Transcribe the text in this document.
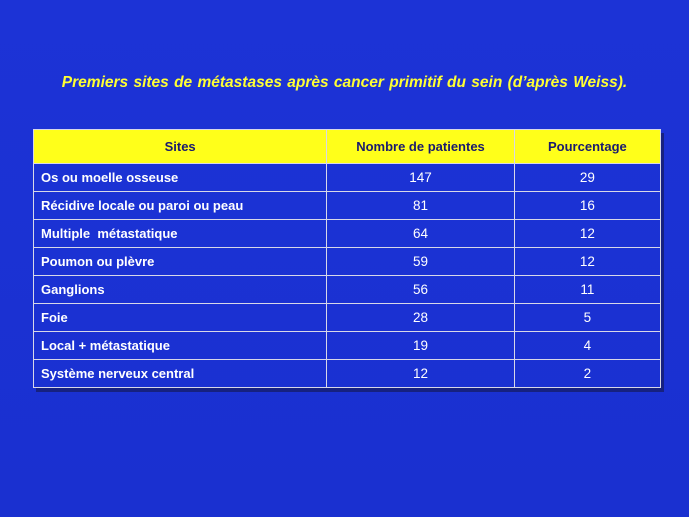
Premiers sites de métastases après cancer primitif du sein (d’après Weiss).
Sites	Nombre de patientes	Pourcentage
Os ou moelle osseuse	147	29
Récidive locale ou paroi ou peau	81	16
Multiple  métastatique	64	12
Poumon ou plèvre	59	12
Ganglions	56	11
Foie	28	5
Local + métastatique	19	4
Système nerveux central	12	2
